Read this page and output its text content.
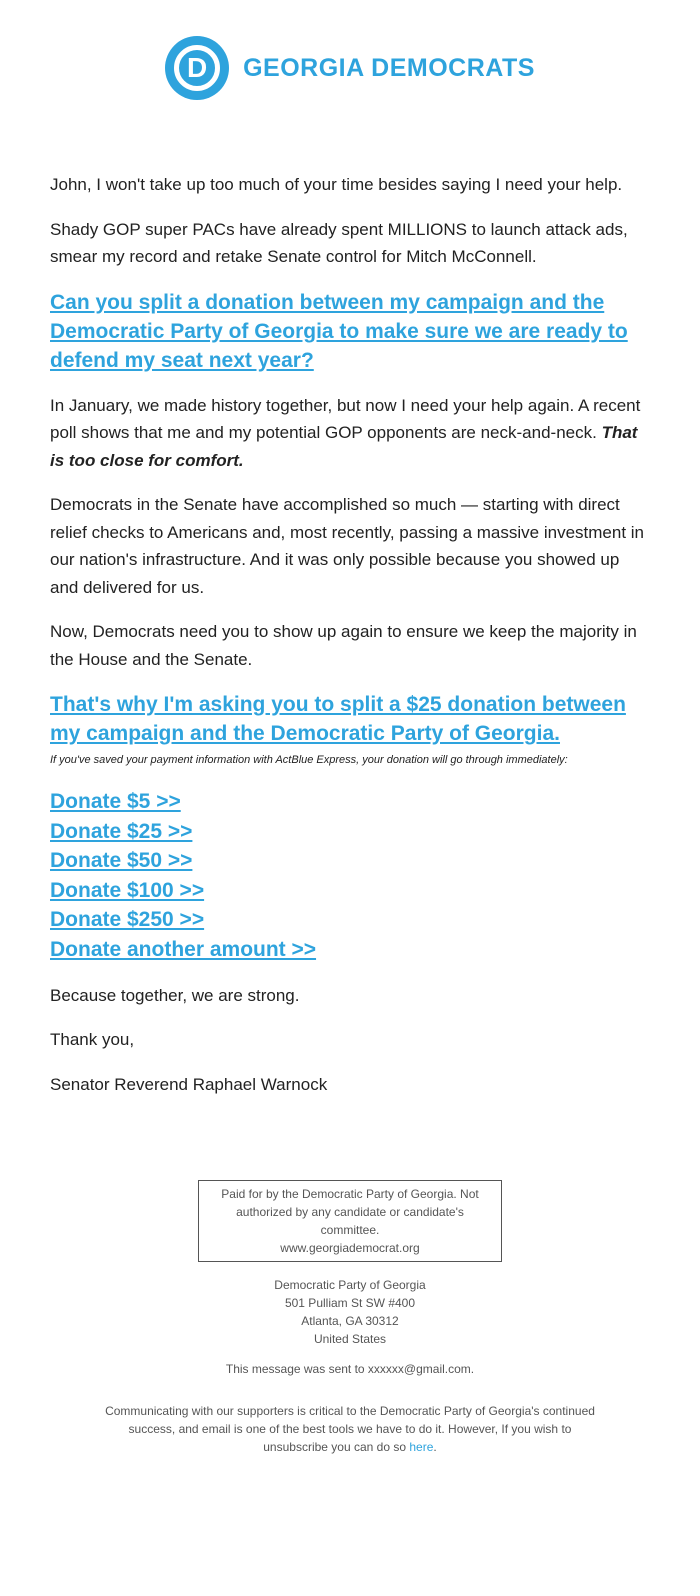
D	GEORGIA DEMOCRATS

John, I won't take up too much of your time besides saying I need your help.

Shady GOP super PACs have already spent MILLIONS to launch attack ads, smear my record and retake Senate control for Mitch McConnell.

Can you split a donation between my campaign and the Democratic Party of Georgia to make sure we are ready to defend my seat next year?

In January, we made history together, but now I need your help again. A recent poll shows that me and my potential GOP opponents are neck-and-neck. That is too close for comfort.

Democrats in the Senate have accomplished so much — starting with direct relief checks to Americans and, most recently, passing a massive investment in our nation's infrastructure. And it was only possible because you showed up and delivered for us.

Now, Democrats need you to show up again to ensure we keep the majority in the House and the Senate.

That's why I'm asking you to split a $25 donation between my campaign and the Democratic Party of Georgia.
If you've saved your payment information with ActBlue Express, your donation will go through immediately:
Donate $5 >>
Donate $25 >>
Donate $50 >>
Donate $100 >>
Donate $250 >>
Donate another amount >>

Because together, we are strong.

Thank you,

Senator Reverend Raphael Warnock

Paid for by the Democratic Party of Georgia. Not authorized by any candidate or candidate's committee.
www.georgiademocrat.org
Democratic Party of Georgia
501 Pulliam St SW #400
Atlanta, GA 30312
United States
This message was sent to xxxxxx@gmail.com.
Communicating with our supporters is critical to the Democratic Party of Georgia's continued success, and email is one of the best tools we have to do it. However, If you wish to unsubscribe you can do so here.
